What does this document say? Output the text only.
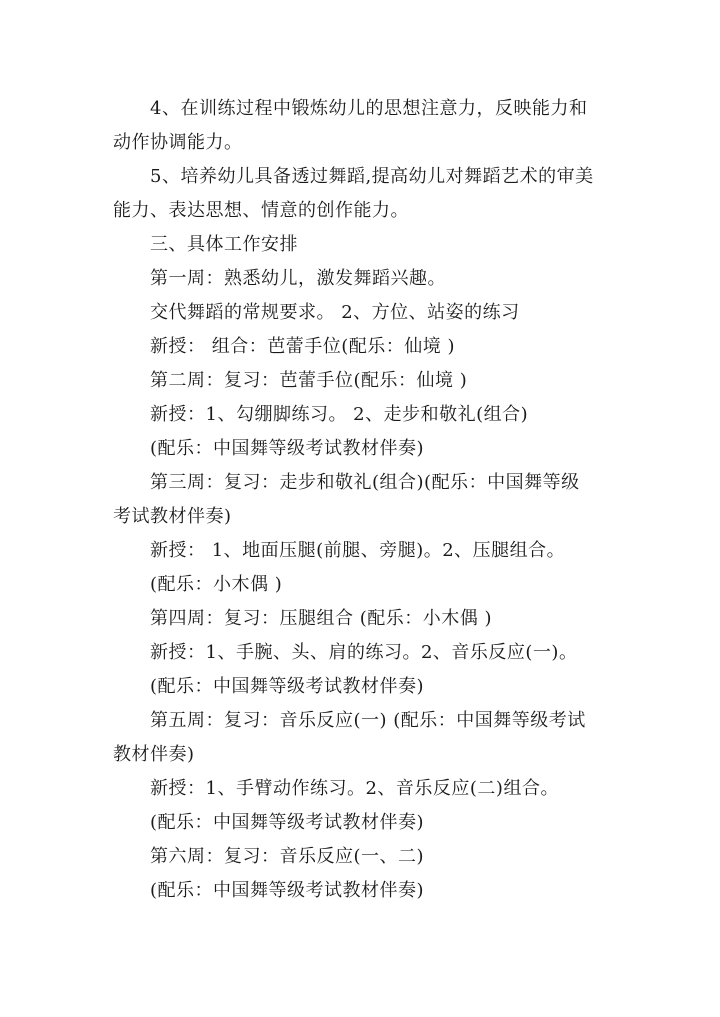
4、在训练过程中锻炼幼儿的思想注意力，反映能力和
动作协调能力。
5、培养幼儿具备透过舞蹈,提高幼儿对舞蹈艺术的审美
能力、表达思想、情意的创作能力。
三、具体工作安排
第一周：熟悉幼儿，激发舞蹈兴趣。
交代舞蹈的常规要求。 2、方位、站姿的练习
新授： 组合：芭蕾手位(配乐：仙境 )
第二周：复习：芭蕾手位(配乐：仙境 )
新授：1、勾绷脚练习。 2、走步和敬礼(组合)
(配乐：中国舞等级考试教材伴奏)
第三周：复习：走步和敬礼(组合)(配乐：中国舞等级
考试教材伴奏)
新授： 1、地面压腿(前腿、旁腿)。2、压腿组合。
(配乐：小木偶 )
第四周：复习：压腿组合 (配乐：小木偶 )
新授：1、手腕、头、肩的练习。2、音乐反应(一)。
(配乐：中国舞等级考试教材伴奏)
第五周：复习：音乐反应(一) (配乐：中国舞等级考试
教材伴奏)
新授：1、手臂动作练习。2、音乐反应(二)组合。
(配乐：中国舞等级考试教材伴奏)
第六周：复习：音乐反应(一、二)
(配乐：中国舞等级考试教材伴奏)
